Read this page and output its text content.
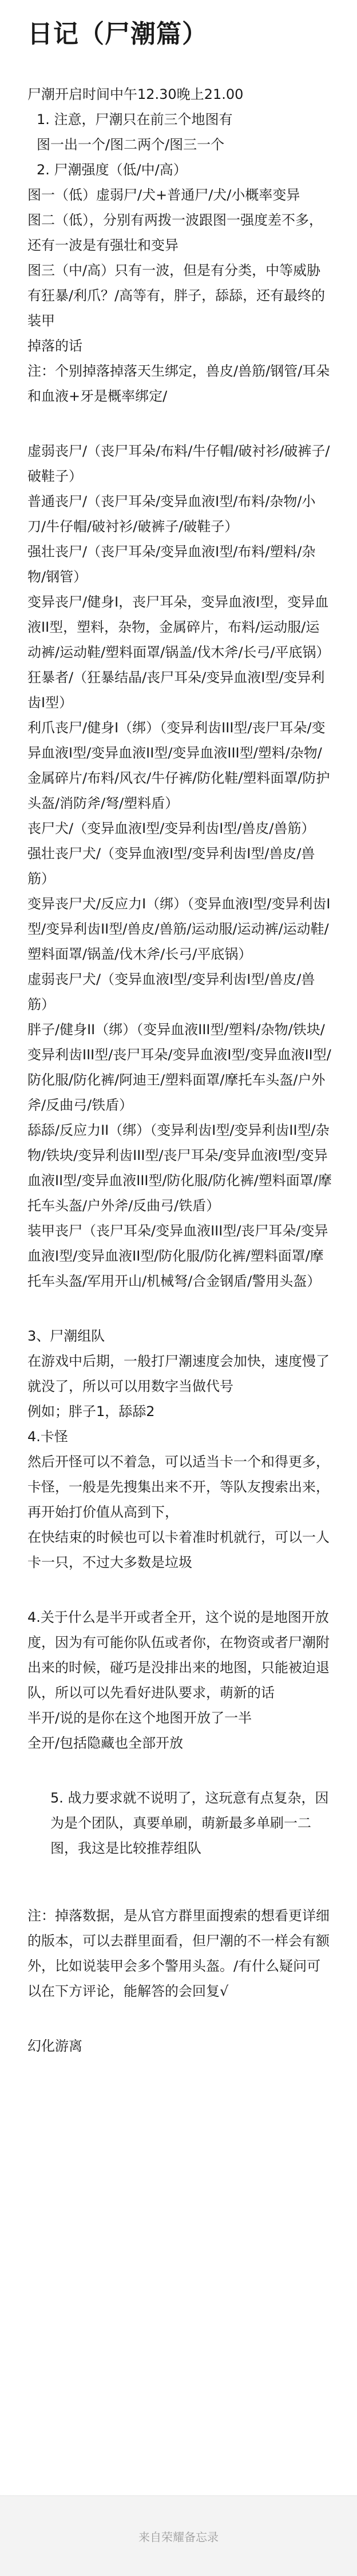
日记（尸潮篇）

尸潮开启时间中午12.30晚上21.00

1. 注意，尸潮只在前三个地图有
图一出一个/图二两个/图三一个

2. 尸潮强度（低/中/高）

图一（低）虚弱尸/犬+普通尸/犬/小概率变异
图二（低），分别有两拨一波跟图一强度差不多，还有一波是有强壮和变异
图三（中/高）只有一波，但是有分类，中等威胁有狂暴/利爪？/高等有，胖子，舔舔，还有最终的装甲

掉落的话

注：个别掉落掉落天生绑定，兽皮/兽筋/钢管/耳朵和血液+牙是概率绑定/

虚弱丧尸/（丧尸耳朵/布料/牛仔帽/破衬衫/破裤子/破鞋子）
普通丧尸/（丧尸耳朵/变异血液I型/布料/杂物/小刀/牛仔帽/破衬衫/破裤子/破鞋子）
强壮丧尸/（丧尸耳朵/变异血液I型/布料/塑料/杂物/钢管）
变异丧尸/健身I，丧尸耳朵，变异血液I型，变异血液II型，塑料，杂物，金属碎片，布料/运动服/运动裤/运动鞋/塑料面罩/锅盖/伐木斧/长弓/平底锅）
狂暴者/（狂暴结晶/丧尸耳朵/变异血液I型/变异利齿I型）
利爪丧尸/健身I（绑）（变异利齿III型/丧尸耳朵/变异血液I型/变异血液II型/变异血液III型/塑料/杂物/金属碎片/布料/风衣/牛仔裤/防化鞋/塑料面罩/防护头盔/消防斧/弩/塑料盾）
丧尸犬/（变异血液I型/变异利齿I型/兽皮/兽筋）
强壮丧尸犬/（变异血液I型/变异利齿I型/兽皮/兽筋）
变异丧尸犬/反应力I（绑）（变异血液I型/变异利齿I型/变异利齿II型/兽皮/兽筋/运动服/运动裤/运动鞋/塑料面罩/锅盖/伐木斧/长弓/平底锅）
虚弱丧尸犬/（变异血液I型/变异利齿I型/兽皮/兽筋）
胖子/健身II（绑）（变异血液III型/塑料/杂物/铁块/变异利齿III型/丧尸耳朵/变异血液I型/变异血液II型/防化服/防化裤/阿迪王/塑料面罩/摩托车头盔/户外斧/反曲弓/铁盾）
舔舔/反应力II（绑）（变异利齿I型/变异利齿II型/杂物/铁块/变异利齿III型/丧尸耳朵/变异血液I型/变异血液II型/变异血液III型/防化服/防化裤/塑料面罩/摩托车头盔/户外斧/反曲弓/铁盾）
装甲丧尸（丧尸耳朵/变异血液III型/丧尸耳朵/变异血液I型/变异血液II型/防化服/防化裤/塑料面罩/摩托车头盔/军用开山/机械弩/合金钢盾/警用头盔）

3、尸潮组队
在游戏中后期，一般打尸潮速度会加快，速度慢了就没了，所以可以用数字当做代号
例如；胖子1，舔舔2

4.卡怪
然后开怪可以不着急，可以适当卡一个和得更多，卡怪，一般是先搜集出来不开，等队友搜索出来，再开始打价值从高到下，
在快结束的时候也可以卡着准时机就行，可以一人卡一只，不过大多数是垃圾

4.关于什么是半开或者全开，这个说的是地图开放度，因为有可能你队伍或者你，在物资或者尸潮附出来的时候，碰巧是没排出来的地图，只能被迫退队，所以可以先看好进队要求，萌新的话
半开/说的是你在这个地图开放了一半
全开/包括隐藏也全部开放

5. 战力要求就不说明了，这玩意有点复杂，因为是个团队，真要单刷，萌新最多单刷一二图，我这是比较推荐组队

注：掉落数据，是从官方群里面搜索的想看更详细的版本，可以去群里面看，但尸潮的不一样会有额外，比如说装甲会多个警用头盔。/有什么疑问可以在下方评论，能解答的会回复√

幻化游离

来自荣耀备忘录
